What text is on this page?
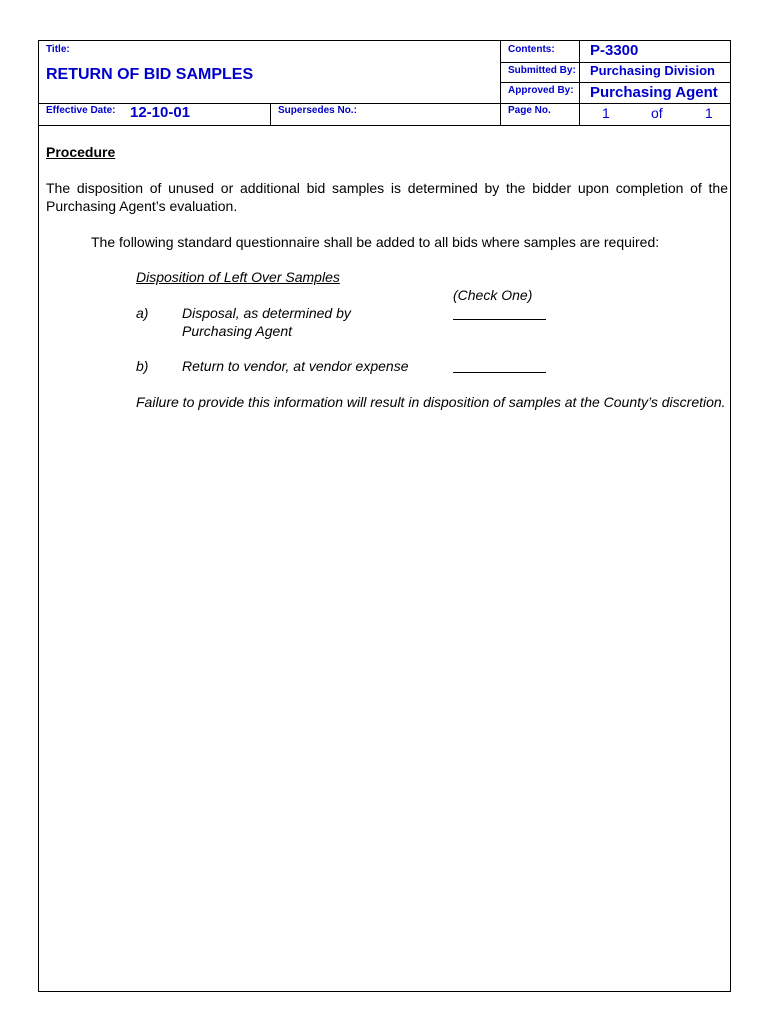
Title:
RETURN OF BID SAMPLES
Contents: P-3300
Submitted By: Purchasing Division
Approved By: Purchasing Agent
Effective Date: 12-10-01	Supersedes No.:	Page No.	1	of	1
Procedure
The disposition of unused or additional bid samples is determined by the bidder upon completion of the Purchasing Agent’s evaluation.
The following standard questionnaire shall be added to all bids where samples are required:
Disposition of Left Over Samples
(Check One)
a) Disposal, as determined by
Purchasing Agent
b) Return to vendor, at vendor expense
Failure to provide this information will result in disposition of samples at the County’s discretion.
